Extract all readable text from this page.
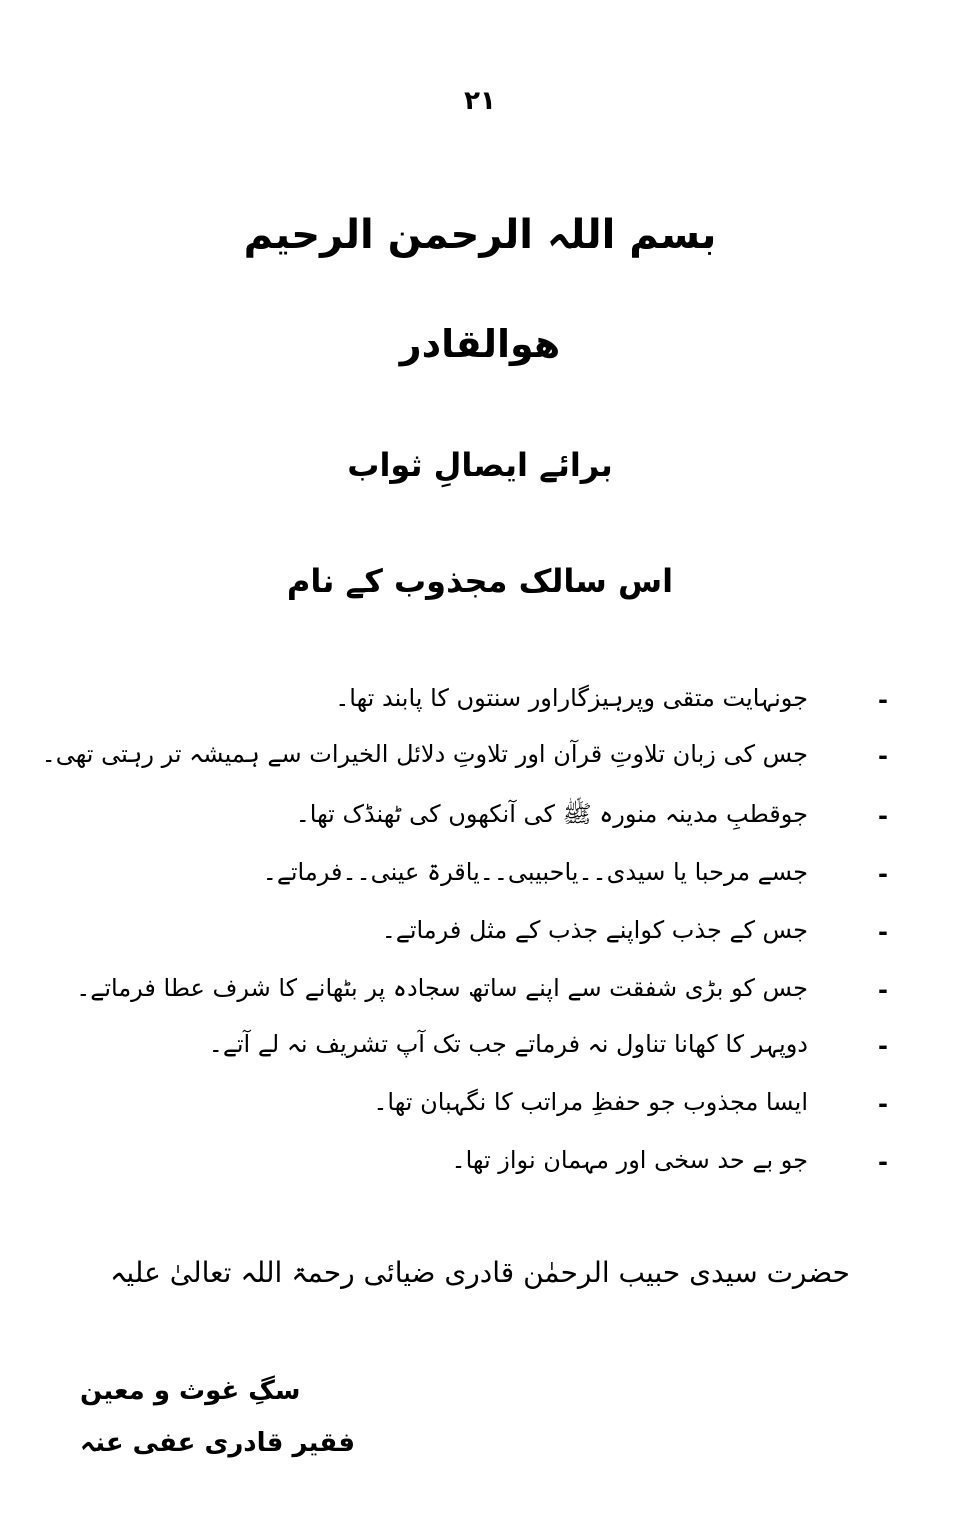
۲۱
بسم اللہ الرحمن الرحیم
ھوالقادر
برائے ایصالِ ثواب
اس سالک مجذوب کے نام
-
جونہایت متقی وپرہیزگاراور سنتوں کا پابند تھا۔
-
جس کی زبان تلاوتِ قرآن اور تلاوتِ دلائل الخیرات سے ہمیشہ تر رہتی تھی۔
-
جوقطبِ مدینہ منورہ ﷺ کی آنکھوں کی ٹھنڈک تھا۔
-
جسے مرحبا یا سیدی۔۔یاحبیبی۔۔یاقرۃ عینی۔۔فرماتے۔
-
جس کے جذب کواپنے جذب کے مثل فرماتے۔
-
جس کو بڑی شفقت سے اپنے ساتھ سجادہ پر بٹھانے کا شرف عطا فرماتے۔
-
دوپہر کا کھانا تناول نہ فرماتے جب تک آپ تشریف نہ لے آتے۔
-
ایسا مجذوب جو حفظِ مراتب کا نگہبان تھا۔
-
جو بے حد سخی اور مہمان نواز تھا۔
حضرت سیدی حبیب الرحمٰن قادری ضیائی رحمۃ اللہ تعالیٰ علیہ
سگِ غوث و معین
فقیر قادری عفی عنہ
